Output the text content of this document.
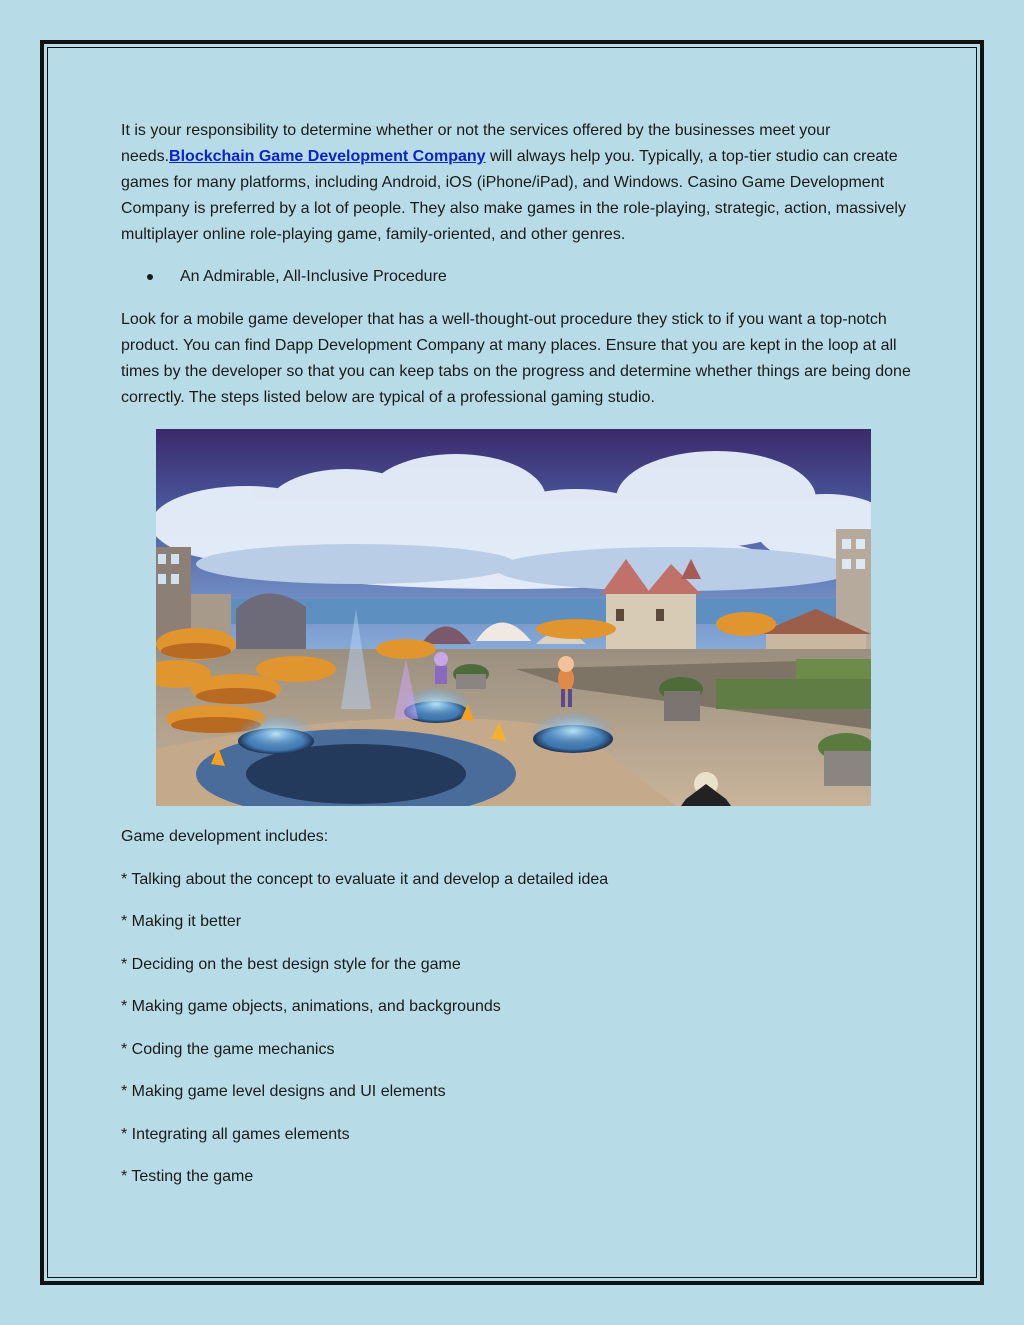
It is your responsibility to determine whether or not the services offered by the businesses meet your needs.Blockchain Game Development Company will always help you. Typically, a top-tier studio can create games for many platforms, including Android, iOS (iPhone/iPad), and Windows. Casino Game Development Company is preferred by a lot of people. They also make games in the role-playing, strategic, action, massively multiplayer online role-playing game, family-oriented, and other genres.

An Admirable, All-Inclusive Procedure

Look for a mobile game developer that has a well-thought-out procedure they stick to if you want a top-notch product. You can find Dapp Development Company at many places. Ensure that you are kept in the loop at all times by the developer so that you can keep tabs on the progress and determine whether things are being done correctly. The steps listed below are typical of a professional gaming studio.

Game development includes:

* Talking about the concept to evaluate it and develop a detailed idea

* Making it better

* Deciding on the best design style for the game

* Making game objects, animations, and backgrounds

* Coding the game mechanics

* Making game level designs and UI elements

* Integrating all games elements

* Testing the game
